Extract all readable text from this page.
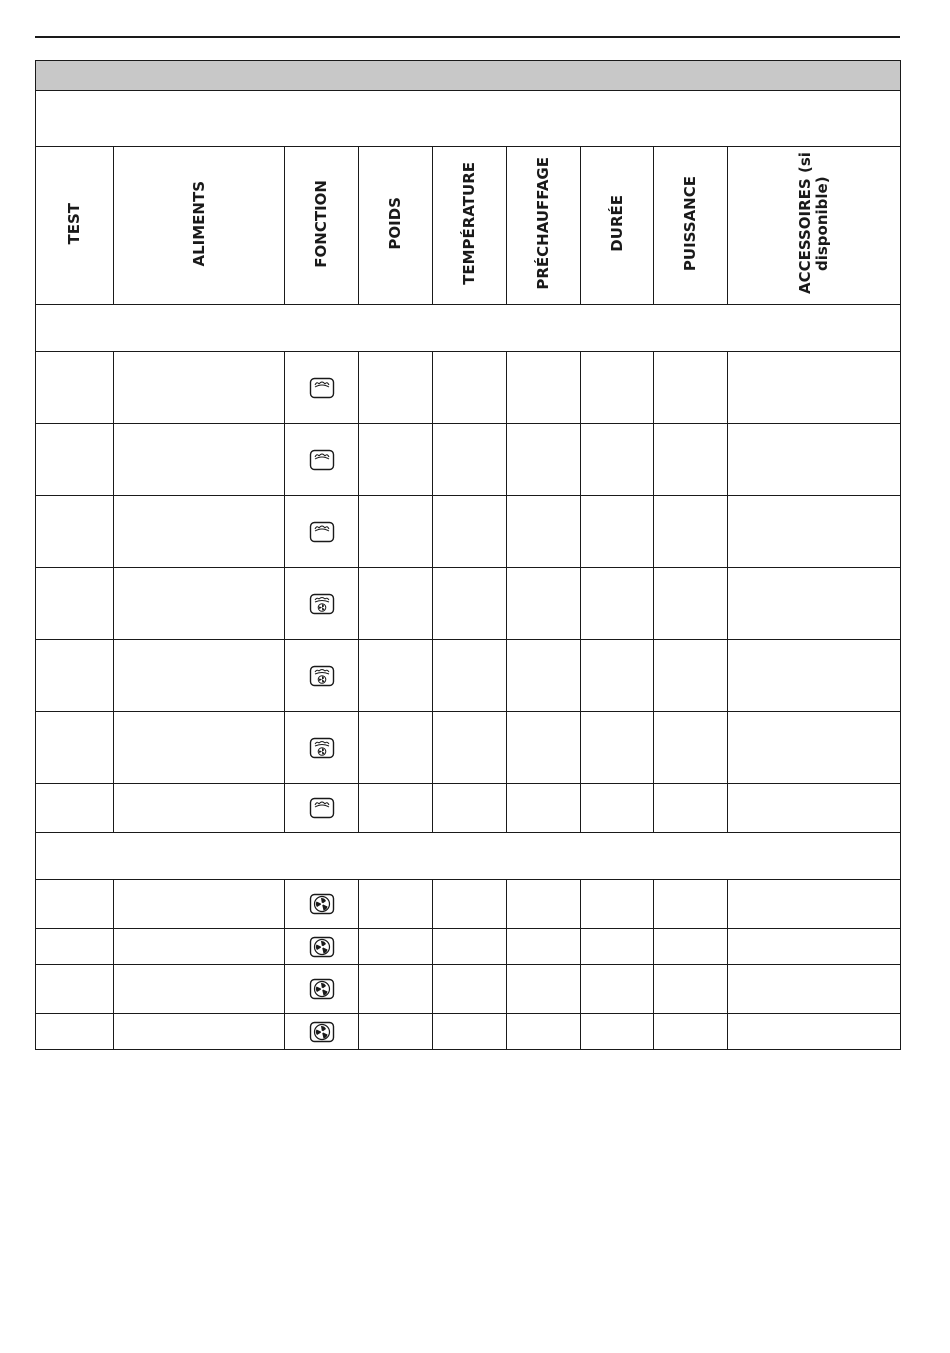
TEST	ALIMENTS	FONCTION	POIDS	TEMPÉRATURE	PRÉCHAUFFAGE	DURÉE	PUISSANCE	ACCESSOIRES (si disponible)
